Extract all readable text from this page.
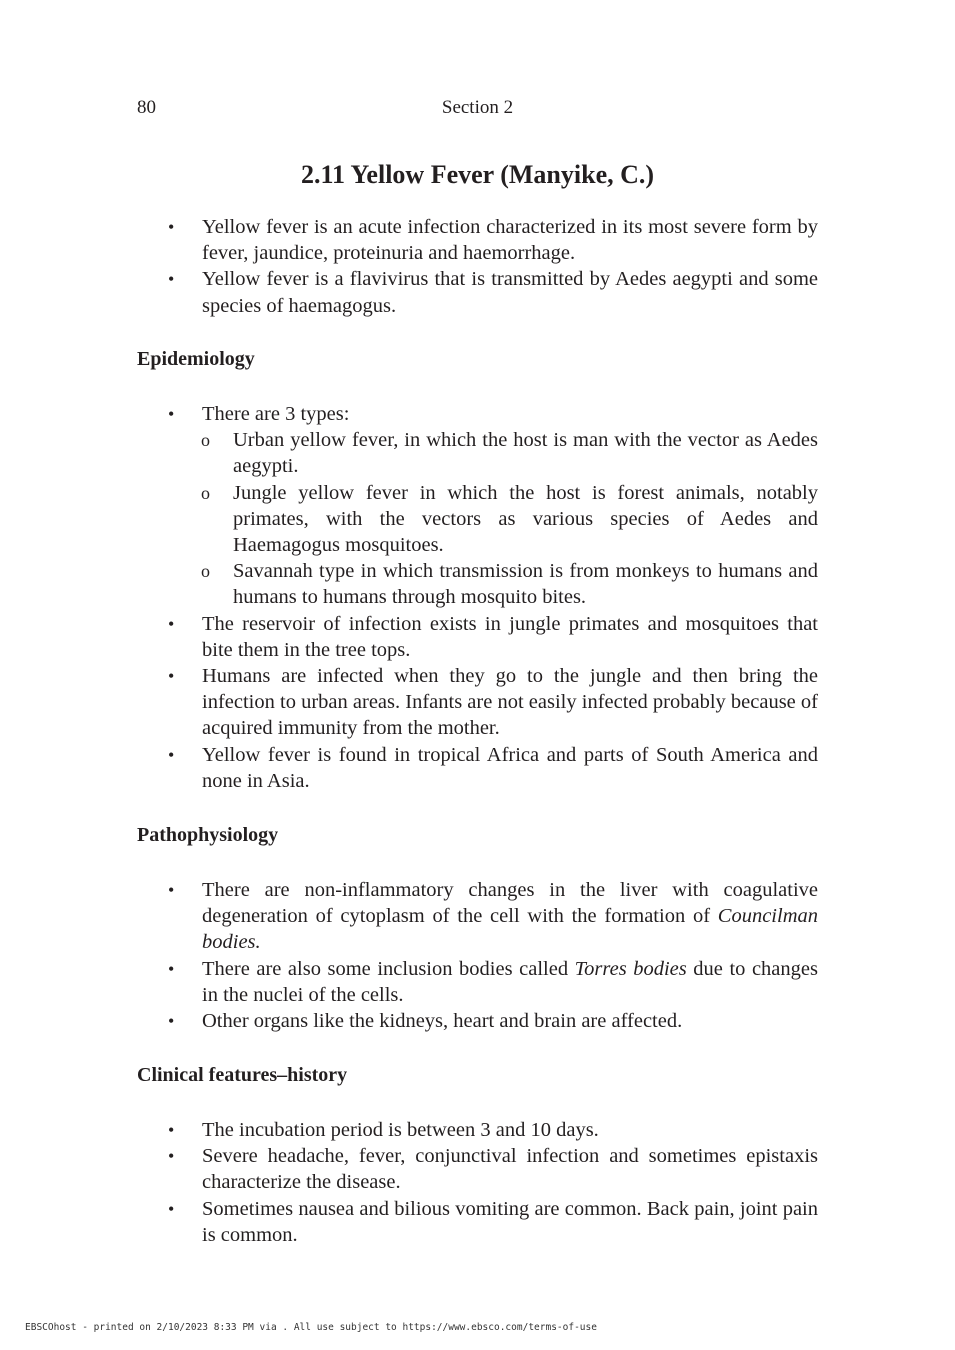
80	Section 2
2.11 Yellow Fever (Manyike, C.)
• Yellow fever is an acute infection characterized in its most severe form by fever, jaundice, proteinuria and haemorrhage.
• Yellow fever is a flavivirus that is transmitted by Aedes aegypti and some species of haemagogus.
Epidemiology
• There are 3 types:
o Urban yellow fever, in which the host is man with the vector as Aedes aegypti.
o Jungle yellow fever in which the host is forest animals, notably primates, with the vectors as various species of Aedes and Haemagogus mosquitoes.
o Savannah type in which transmission is from monkeys to humans and humans to humans through mosquito bites.
• The reservoir of infection exists in jungle primates and mosquitoes that bite them in the tree tops.
• Humans are infected when they go to the jungle and then bring the infection to urban areas. Infants are not easily infected probably because of acquired immunity from the mother.
• Yellow fever is found in tropical Africa and parts of South America and none in Asia.
Pathophysiology
• There are non-inflammatory changes in the liver with coagulative degeneration of cytoplasm of the cell with the formation of Councilman bodies.
• There are also some inclusion bodies called Torres bodies due to changes in the nuclei of the cells.
• Other organs like the kidneys, heart and brain are affected.
Clinical features–history
• The incubation period is between 3 and 10 days.
• Severe headache, fever, conjunctival infection and sometimes epistaxis characterize the disease.
• Sometimes nausea and bilious vomiting are common. Back pain, joint pain is common.
EBSCOhost - printed on 2/10/2023 8:33 PM via . All use subject to https://www.ebsco.com/terms-of-use
